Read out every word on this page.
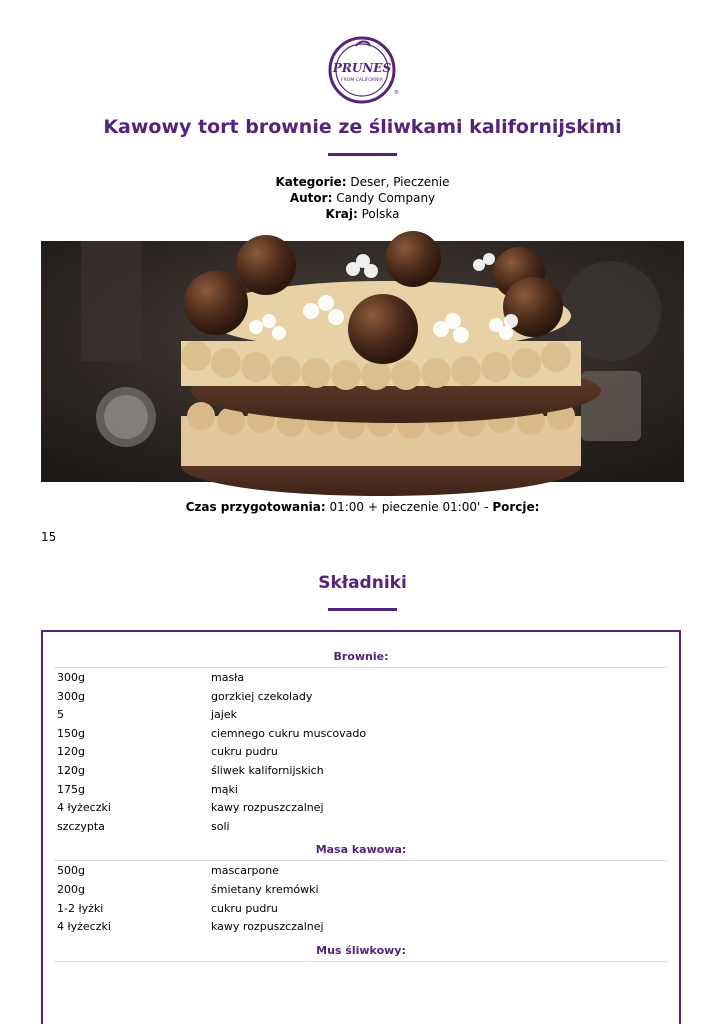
PRUNES
FROM CALIFORNIA
®
Kawowy tort brownie ze śliwkami kalifornijskimi
Kategorie: Deser, Pieczenie
Autor: Candy Company
Kraj: Polska
Czas przygotowania: 01:00 + pieczenie 01:00' - Porcje:
15
Składniki
Brownie:
300g	masła
300g	gorzkiej czekolady
5	jajek
150g	ciemnego cukru muscovado
120g	cukru pudru
120g	śliwek kalifornijskich
175g	mąki
4 łyżeczki	kawy rozpuszczalnej
szczypta	soli
Masa kawowa:
500g	mascarpone
200g	śmietany kremówki
1-2 łyżki	cukru pudru
4 łyżeczki	kawy rozpuszczalnej
Mus śliwkowy:
